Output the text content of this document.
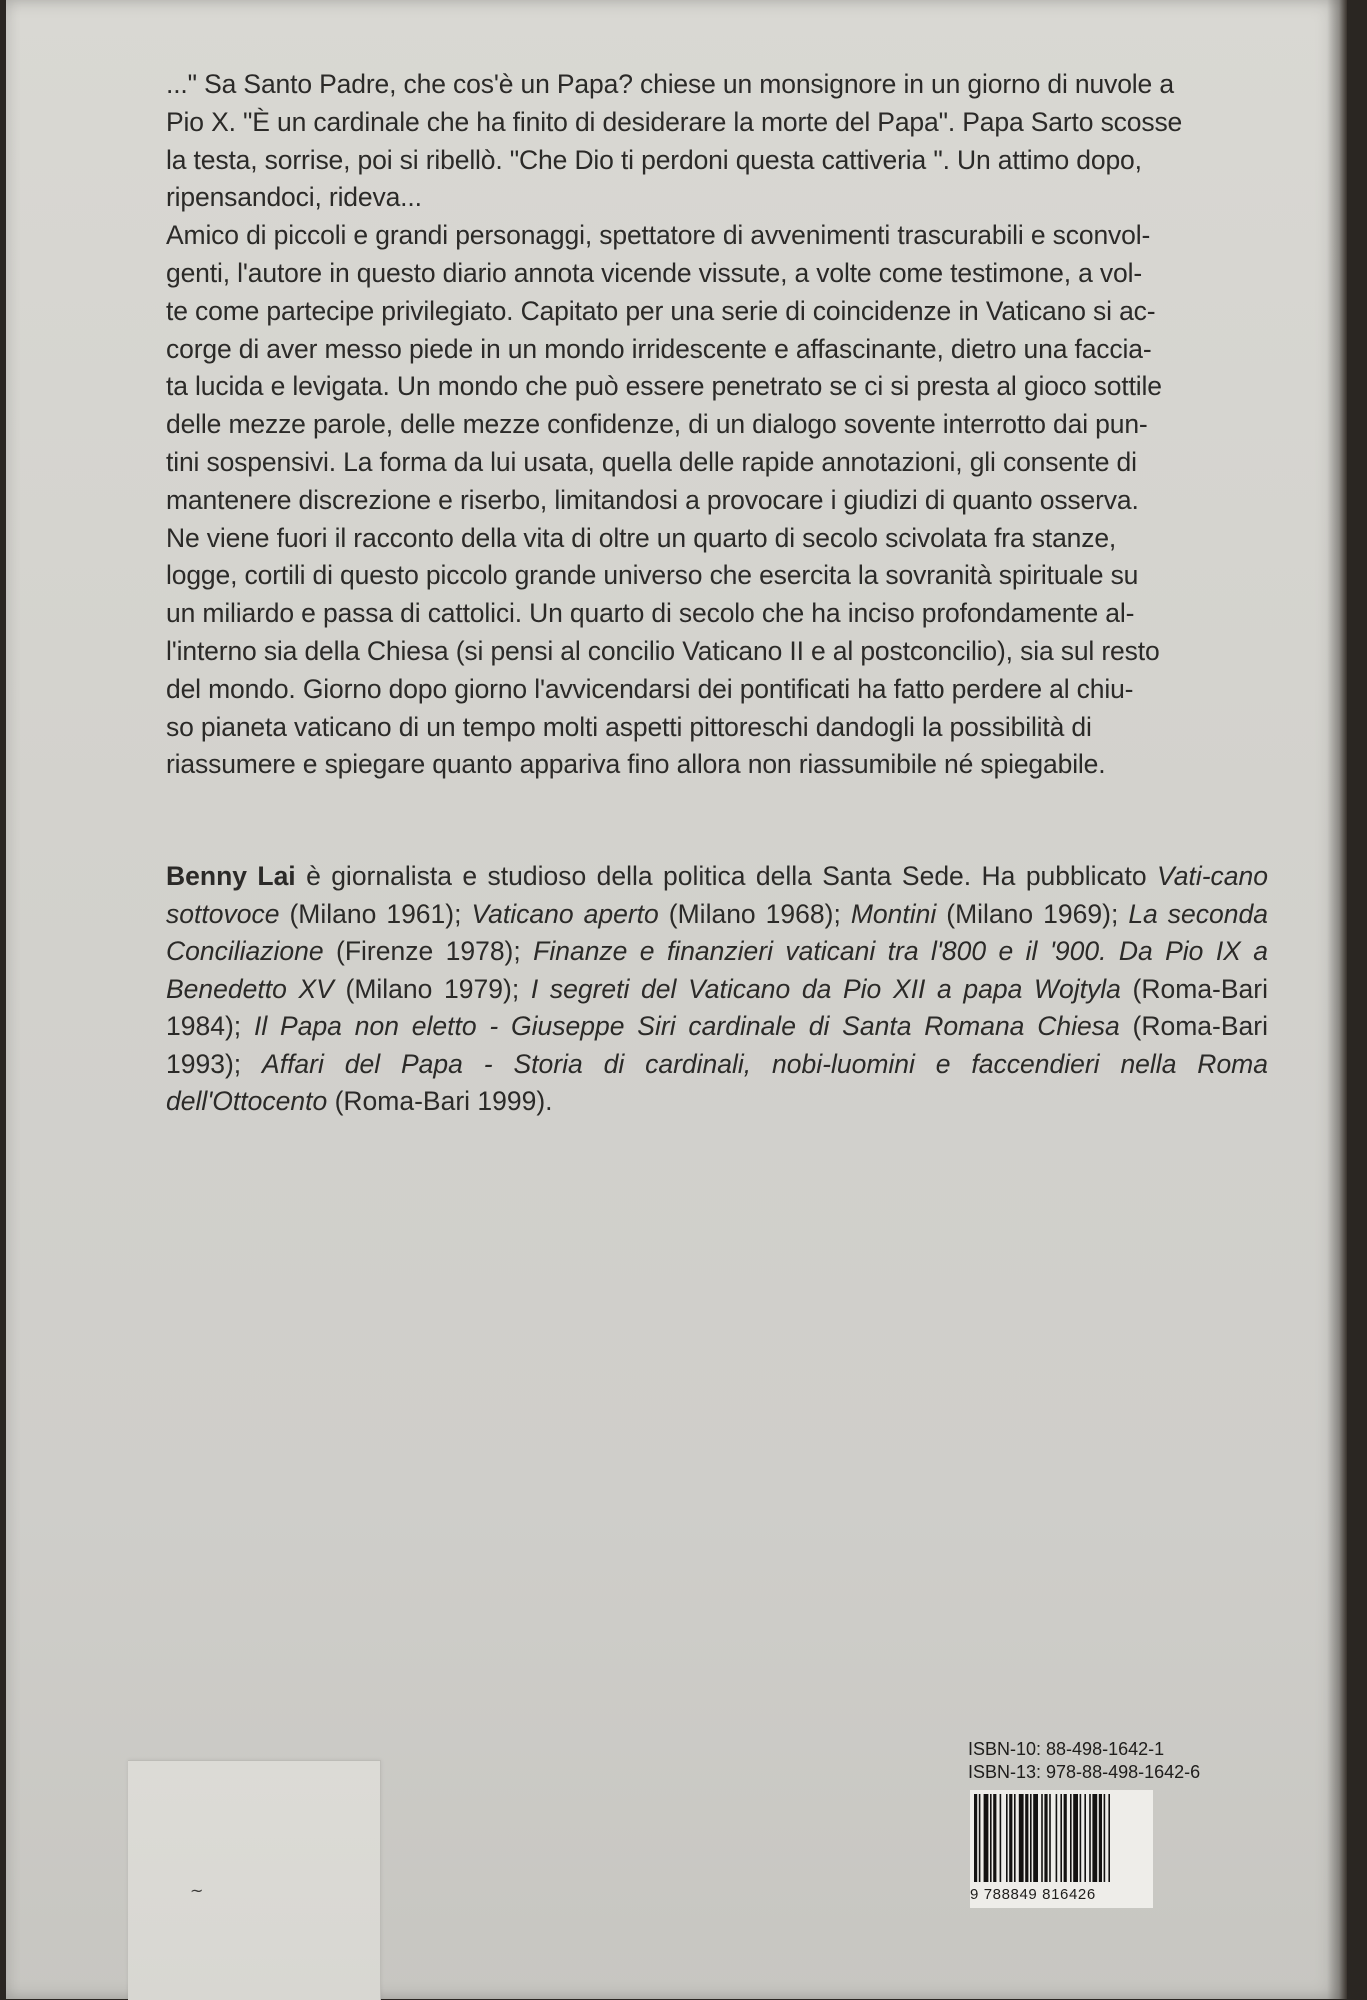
..." Sa Santo Padre, che cos'è un Papa? chiese un monsignore in un giorno di nuvole a
Pio X. "È un cardinale che ha finito di desiderare la morte del Papa". Papa Sarto scosse
la testa, sorrise, poi si ribellò. "Che Dio ti perdoni questa cattiveria ". Un attimo dopo,
ripensandoci, rideva...
Amico di piccoli e grandi personaggi, spettatore di avvenimenti trascurabili e sconvol-
genti, l'autore in questo diario annota vicende vissute, a volte come testimone, a vol-
te come partecipe privilegiato. Capitato per una serie di coincidenze in Vaticano si ac-
corge di aver messo piede in un mondo irridescente e affascinante, dietro una faccia-
ta lucida e levigata. Un mondo che può essere penetrato se ci si presta al gioco sottile
delle mezze parole, delle mezze confidenze, di un dialogo sovente interrotto dai pun-
tini sospensivi. La forma da lui usata, quella delle rapide annotazioni, gli consente di
mantenere discrezione e riserbo, limitandosi a provocare i giudizi di quanto osserva.
Ne viene fuori il racconto della vita di oltre un quarto di secolo scivolata fra stanze,
logge, cortili di questo piccolo grande universo che esercita la sovranità spirituale su
un miliardo e passa di cattolici. Un quarto di secolo che ha inciso profondamente al-
l'interno sia della Chiesa (si pensi al concilio Vaticano II e al postconcilio), sia sul resto
del mondo. Giorno dopo giorno l'avvicendarsi dei pontificati ha fatto perdere al chiu-
so pianeta vaticano di un tempo molti aspetti pittoreschi dandogli la possibilità di
riassumere e spiegare quanto appariva fino allora non riassumibile né spiegabile.

Benny Lai è giornalista e studioso della politica della Santa Sede. Ha pubblicato Vati-cano sottovoce (Milano 1961); Vaticano aperto (Milano 1968); Montini (Milano 1969); La seconda Conciliazione (Firenze 1978); Finanze e finanzieri vaticani tra l'800 e il '900. Da Pio IX a Benedetto XV (Milano 1979); I segreti del Vaticano da Pio XII a papa Wojtyla (Roma-Bari 1984); Il Papa non eletto - Giuseppe Siri cardinale di Santa Romana Chiesa (Roma-Bari 1993); Affari del Papa - Storia di cardinali, nobi-luomini e faccendieri nella Roma dell'Ottocento (Roma-Bari 1999).

~
ISBN-10: 88-498-1642-1
ISBN-13: 978-88-498-1642-6
9 788849 816426
